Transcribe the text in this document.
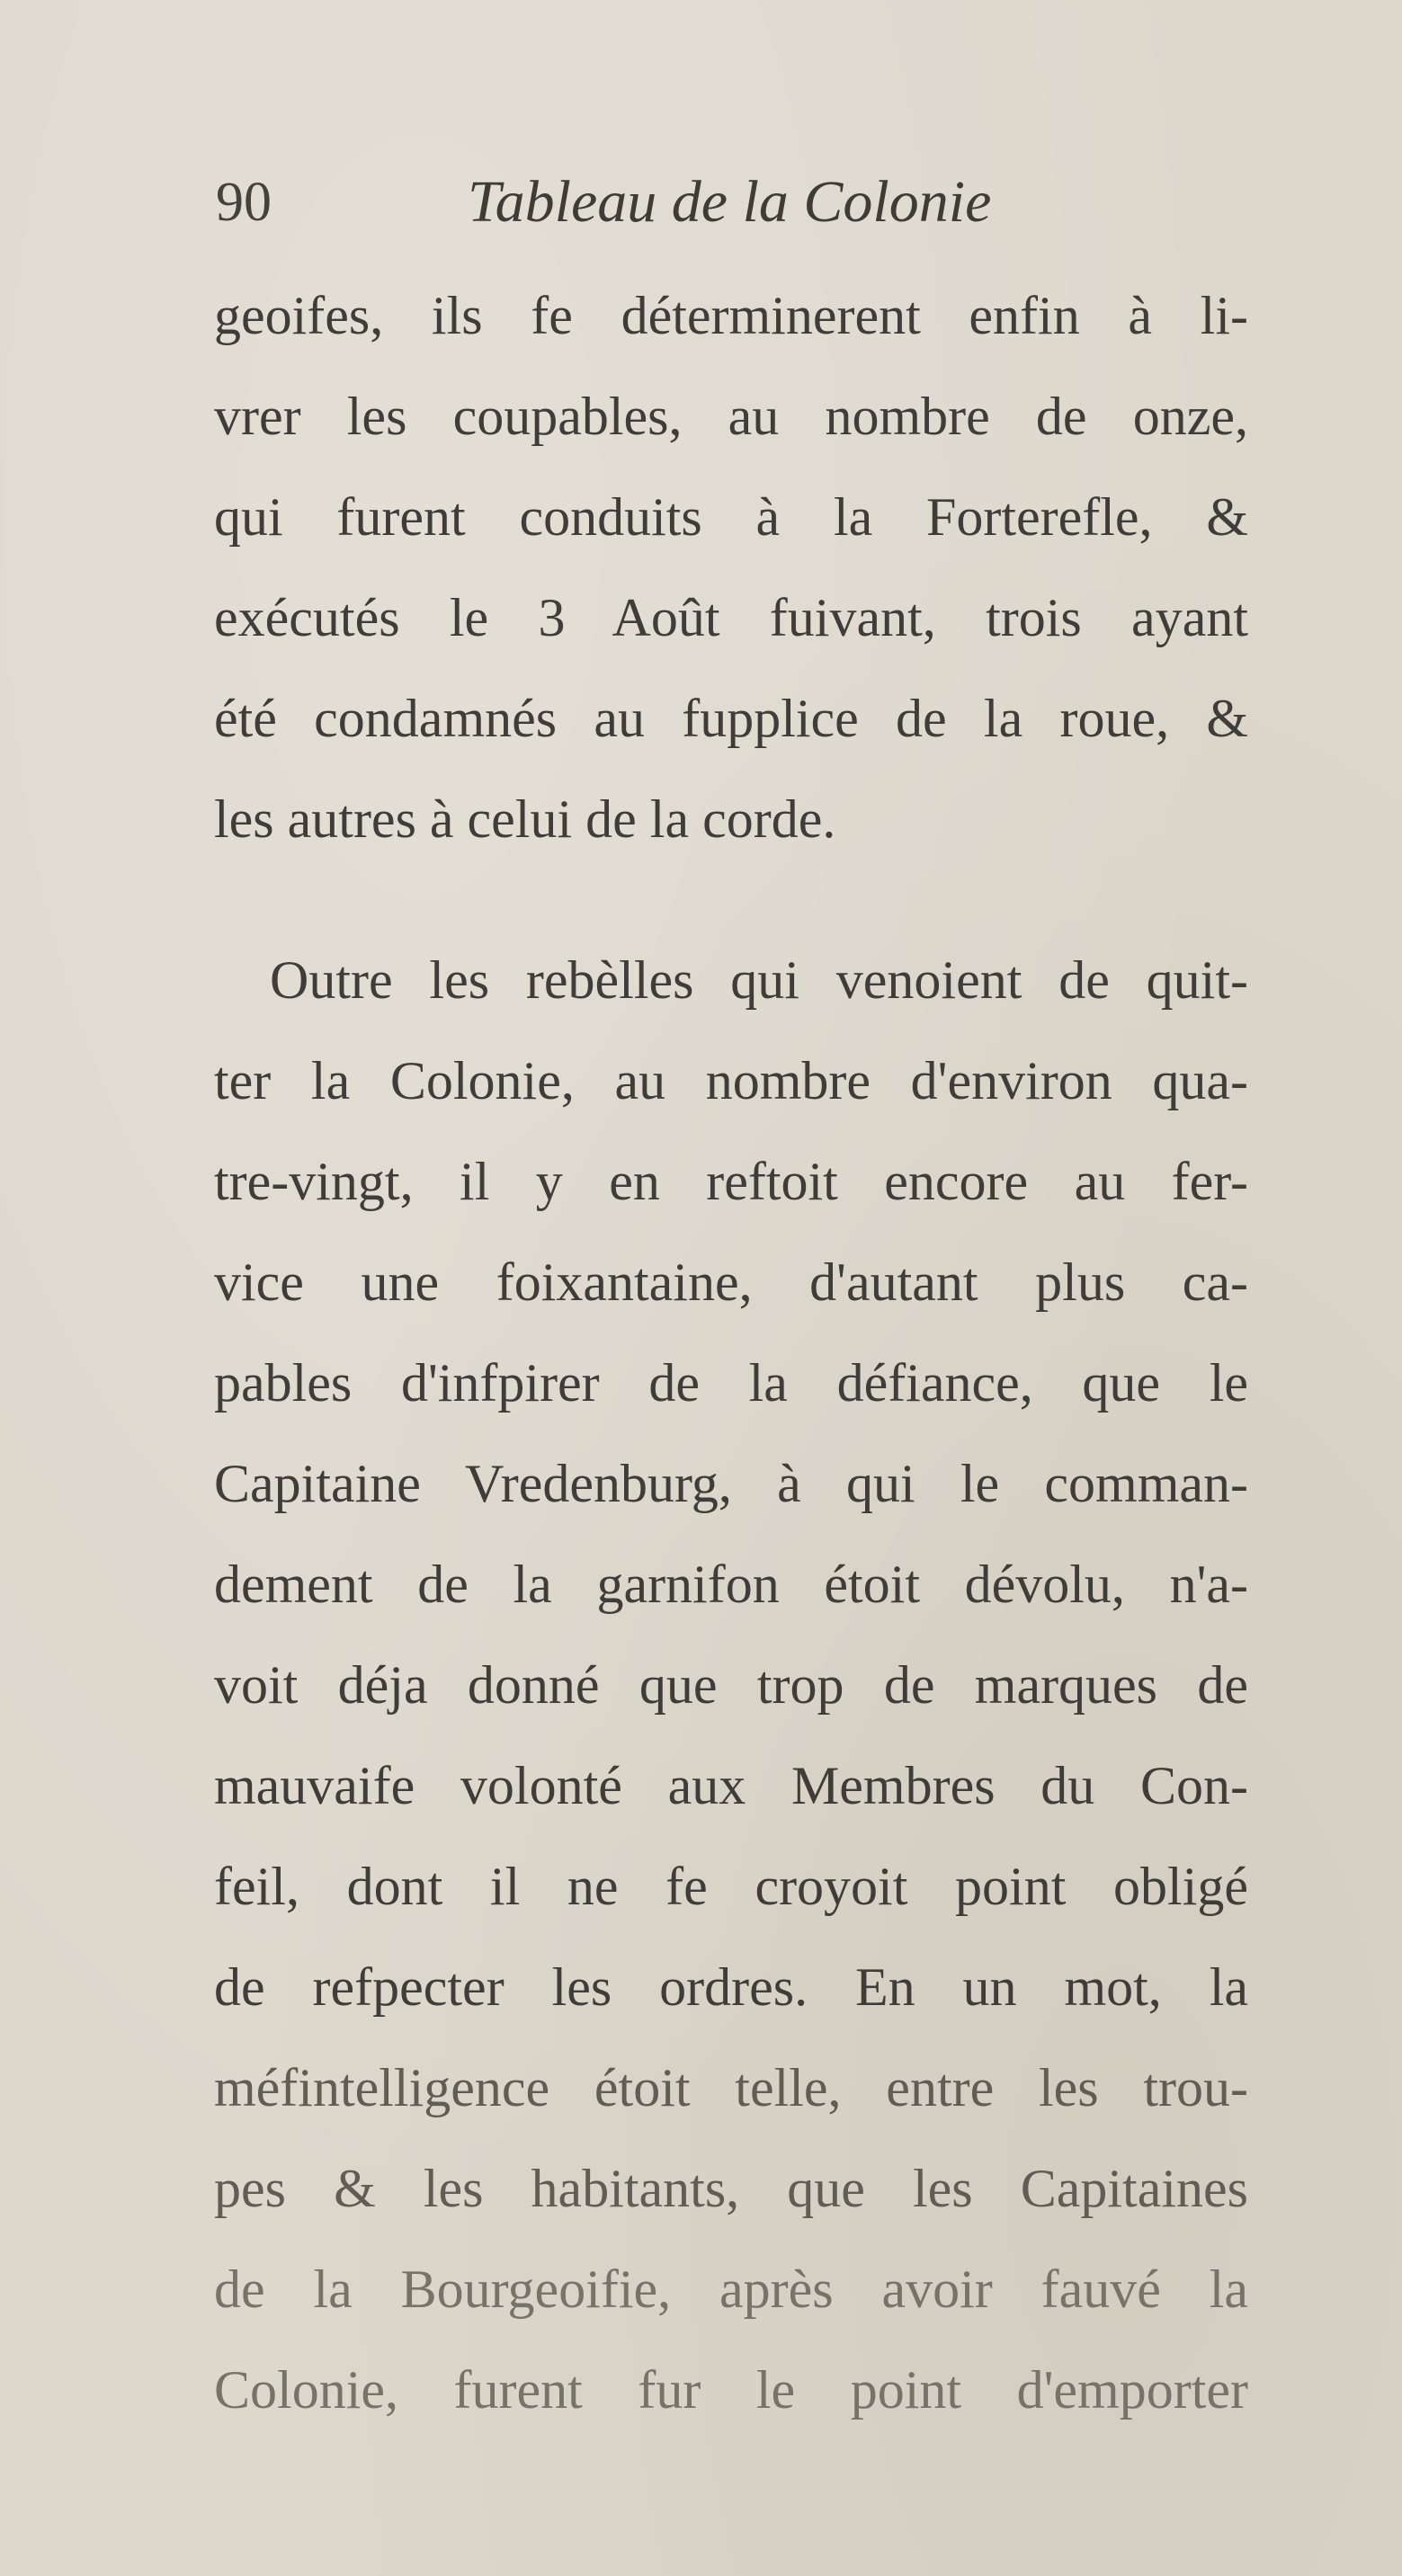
90	Tableau de la Colonie
geoifes, ils fe déterminerent enfin à li-
vrer les coupables, au nombre de onze,
qui furent conduits à la Forterefle, &
exécutés le 3 Août fuivant, trois ayant
été condamnés au fupplice de la roue, &
les autres à celui de la corde.
Outre les rebèlles qui venoient de quit-
ter la Colonie, au nombre d'environ qua-
tre-vingt, il y en reftoit encore au fer-
vice une foixantaine, d'autant plus ca-
pables d'infpirer de la défiance, que le
Capitaine Vredenburg, à qui le comman-
dement de la garnifon étoit dévolu, n'a-
voit déja donné que trop de marques de
mauvaife volonté aux Membres du Con-
feil, dont il ne fe croyoit point obligé
de refpecter les ordres. En un mot, la
méfintelligence étoit telle, entre les trou-
pes & les habitants, que les Capitaines
de la Bourgeoifie, après avoir fauvé la
Colonie, furent fur le point d'emporter
